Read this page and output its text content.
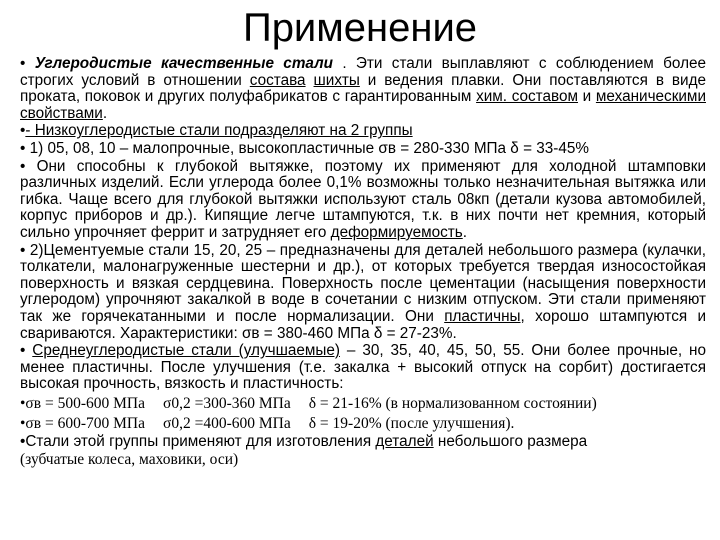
Применение

• Углеродистые качественные стали . Эти стали выплавляют с соблюдением более строгих условий в отношении состава шихты и ведения плавки. Они поставляются в виде проката, поковок и других полуфабрикатов с гарантированным хим. составом и механическими свойствами.

•- Низкоуглеродистые стали подразделяют на 2 группы

• 1) 05, 08, 10 – малопрочные, высокопластичные σв = 280-330 МПа δ = 33-45%

• Они способны к глубокой вытяжке, поэтому их применяют для холодной штамповки различных изделий. Если углерода более 0,1% возможны только незначительная вытяжка или гибка. Чаще всего для глубокой вытяжки используют сталь 08кп (детали кузова автомобилей, корпус приборов и др.). Кипящие легче штампуются, т.к. в них почти нет кремния, который сильно упрочняет феррит и затрудняет его деформируемость.

• 2)Цементуемые стали 15, 20, 25 – предназначены для деталей небольшого размера (кулачки, толкатели, малонагруженные шестерни и др.), от которых требуется твердая износостойкая поверхность и вязкая сердцевина. Поверхность после цементации (насыщения поверхности углеродом) упрочняют закалкой в воде в сочетании с низким отпуском. Эти стали применяют так же горячекатанными и после нормализации. Они пластичны, хорошо штампуются и свариваются. Характеристики: σв = 380-460 МПа δ = 27-23%.

• Среднеуглеродистые стали (улучшаемые) – 30, 35, 40, 45, 50, 55. Они более прочные, но менее пластичны. После улучшения (т.е. закалка + высокий отпуск на сорбит) достигается высокая прочность, вязкость и пластичность:

•σв = 500-600 МПа σ0,2 =300-360 МПа δ = 21-16% (в нормализованном состоянии)

•σв = 600-700 МПа σ0,2 =400-600 МПа δ = 19-20% (после улучшения).

•Стали этой группы применяют для изготовления деталей небольшого размера
(зубчатые колеса, маховики, оси)
